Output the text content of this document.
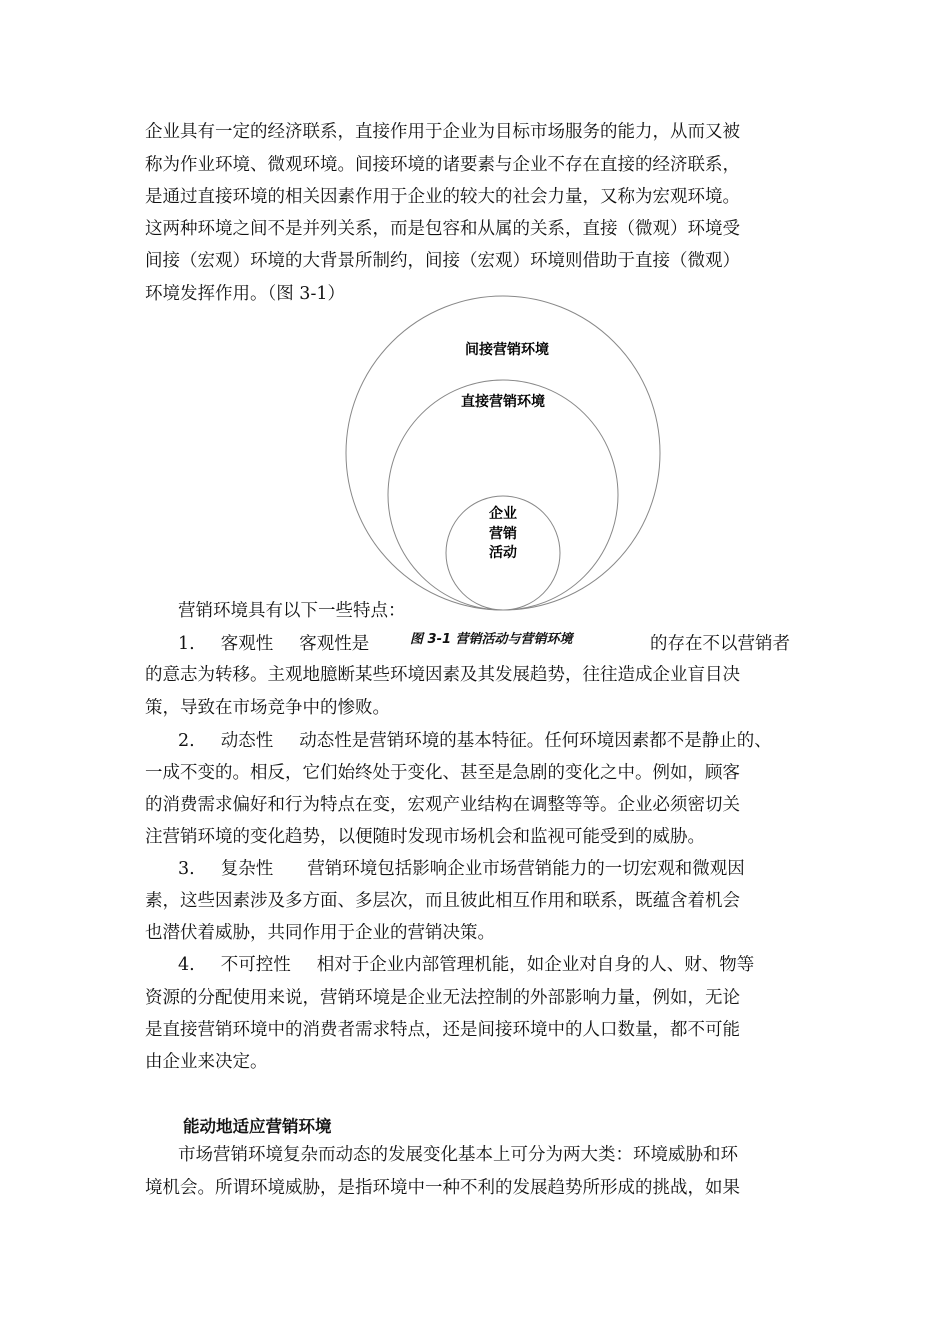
企业具有一定的经济联系，直接作用于企业为目标市场服务的能力，从而又被
称为作业环境、微观环境。间接环境的诸要素与企业不存在直接的经济联系，
是通过直接环境的相关因素作用于企业的较大的社会力量，又称为宏观环境。
这两种环境之间不是并列关系，而是包容和从属的关系，直接（微观）环境受
间接（宏观）环境的大背景所制约，间接（宏观）环境则借助于直接（微观）
环境发挥作用。（图 3-1）
间接营销环境
直接营销环境
企业
营销
活动
图 3-1 营销活动与营销环境
营销环境具有以下一些特点：
1. 客观性 客观性是	的存在不以营销者
的意志为转移。主观地臆断某些环境因素及其发展趋势，往往造成企业盲目决
策，导致在市场竞争中的惨败。
2. 动态性 动态性是营销环境的基本特征。任何环境因素都不是静止的、
一成不变的。相反，它们始终处于变化、甚至是急剧的变化之中。例如，顾客
的消费需求偏好和行为特点在变，宏观产业结构在调整等等。企业必须密切关
注营销环境的变化趋势，以便随时发现市场机会和监视可能受到的威胁。
3. 复杂性 营销环境包括影响企业市场营销能力的一切宏观和微观因
素，这些因素涉及多方面、多层次，而且彼此相互作用和联系，既蕴含着机会
也潜伏着威胁，共同作用于企业的营销决策。
4. 不可控性 相对于企业内部管理机能，如企业对自身的人、财、物等
资源的分配使用来说，营销环境是企业无法控制的外部影响力量，例如，无论
是直接营销环境中的消费者需求特点，还是间接环境中的人口数量，都不可能
由企业来决定。
能动地适应营销环境
市场营销环境复杂而动态的发展变化基本上可分为两大类：环境威胁和环
境机会。所谓环境威胁，是指环境中一种不利的发展趋势所形成的挑战，如果
